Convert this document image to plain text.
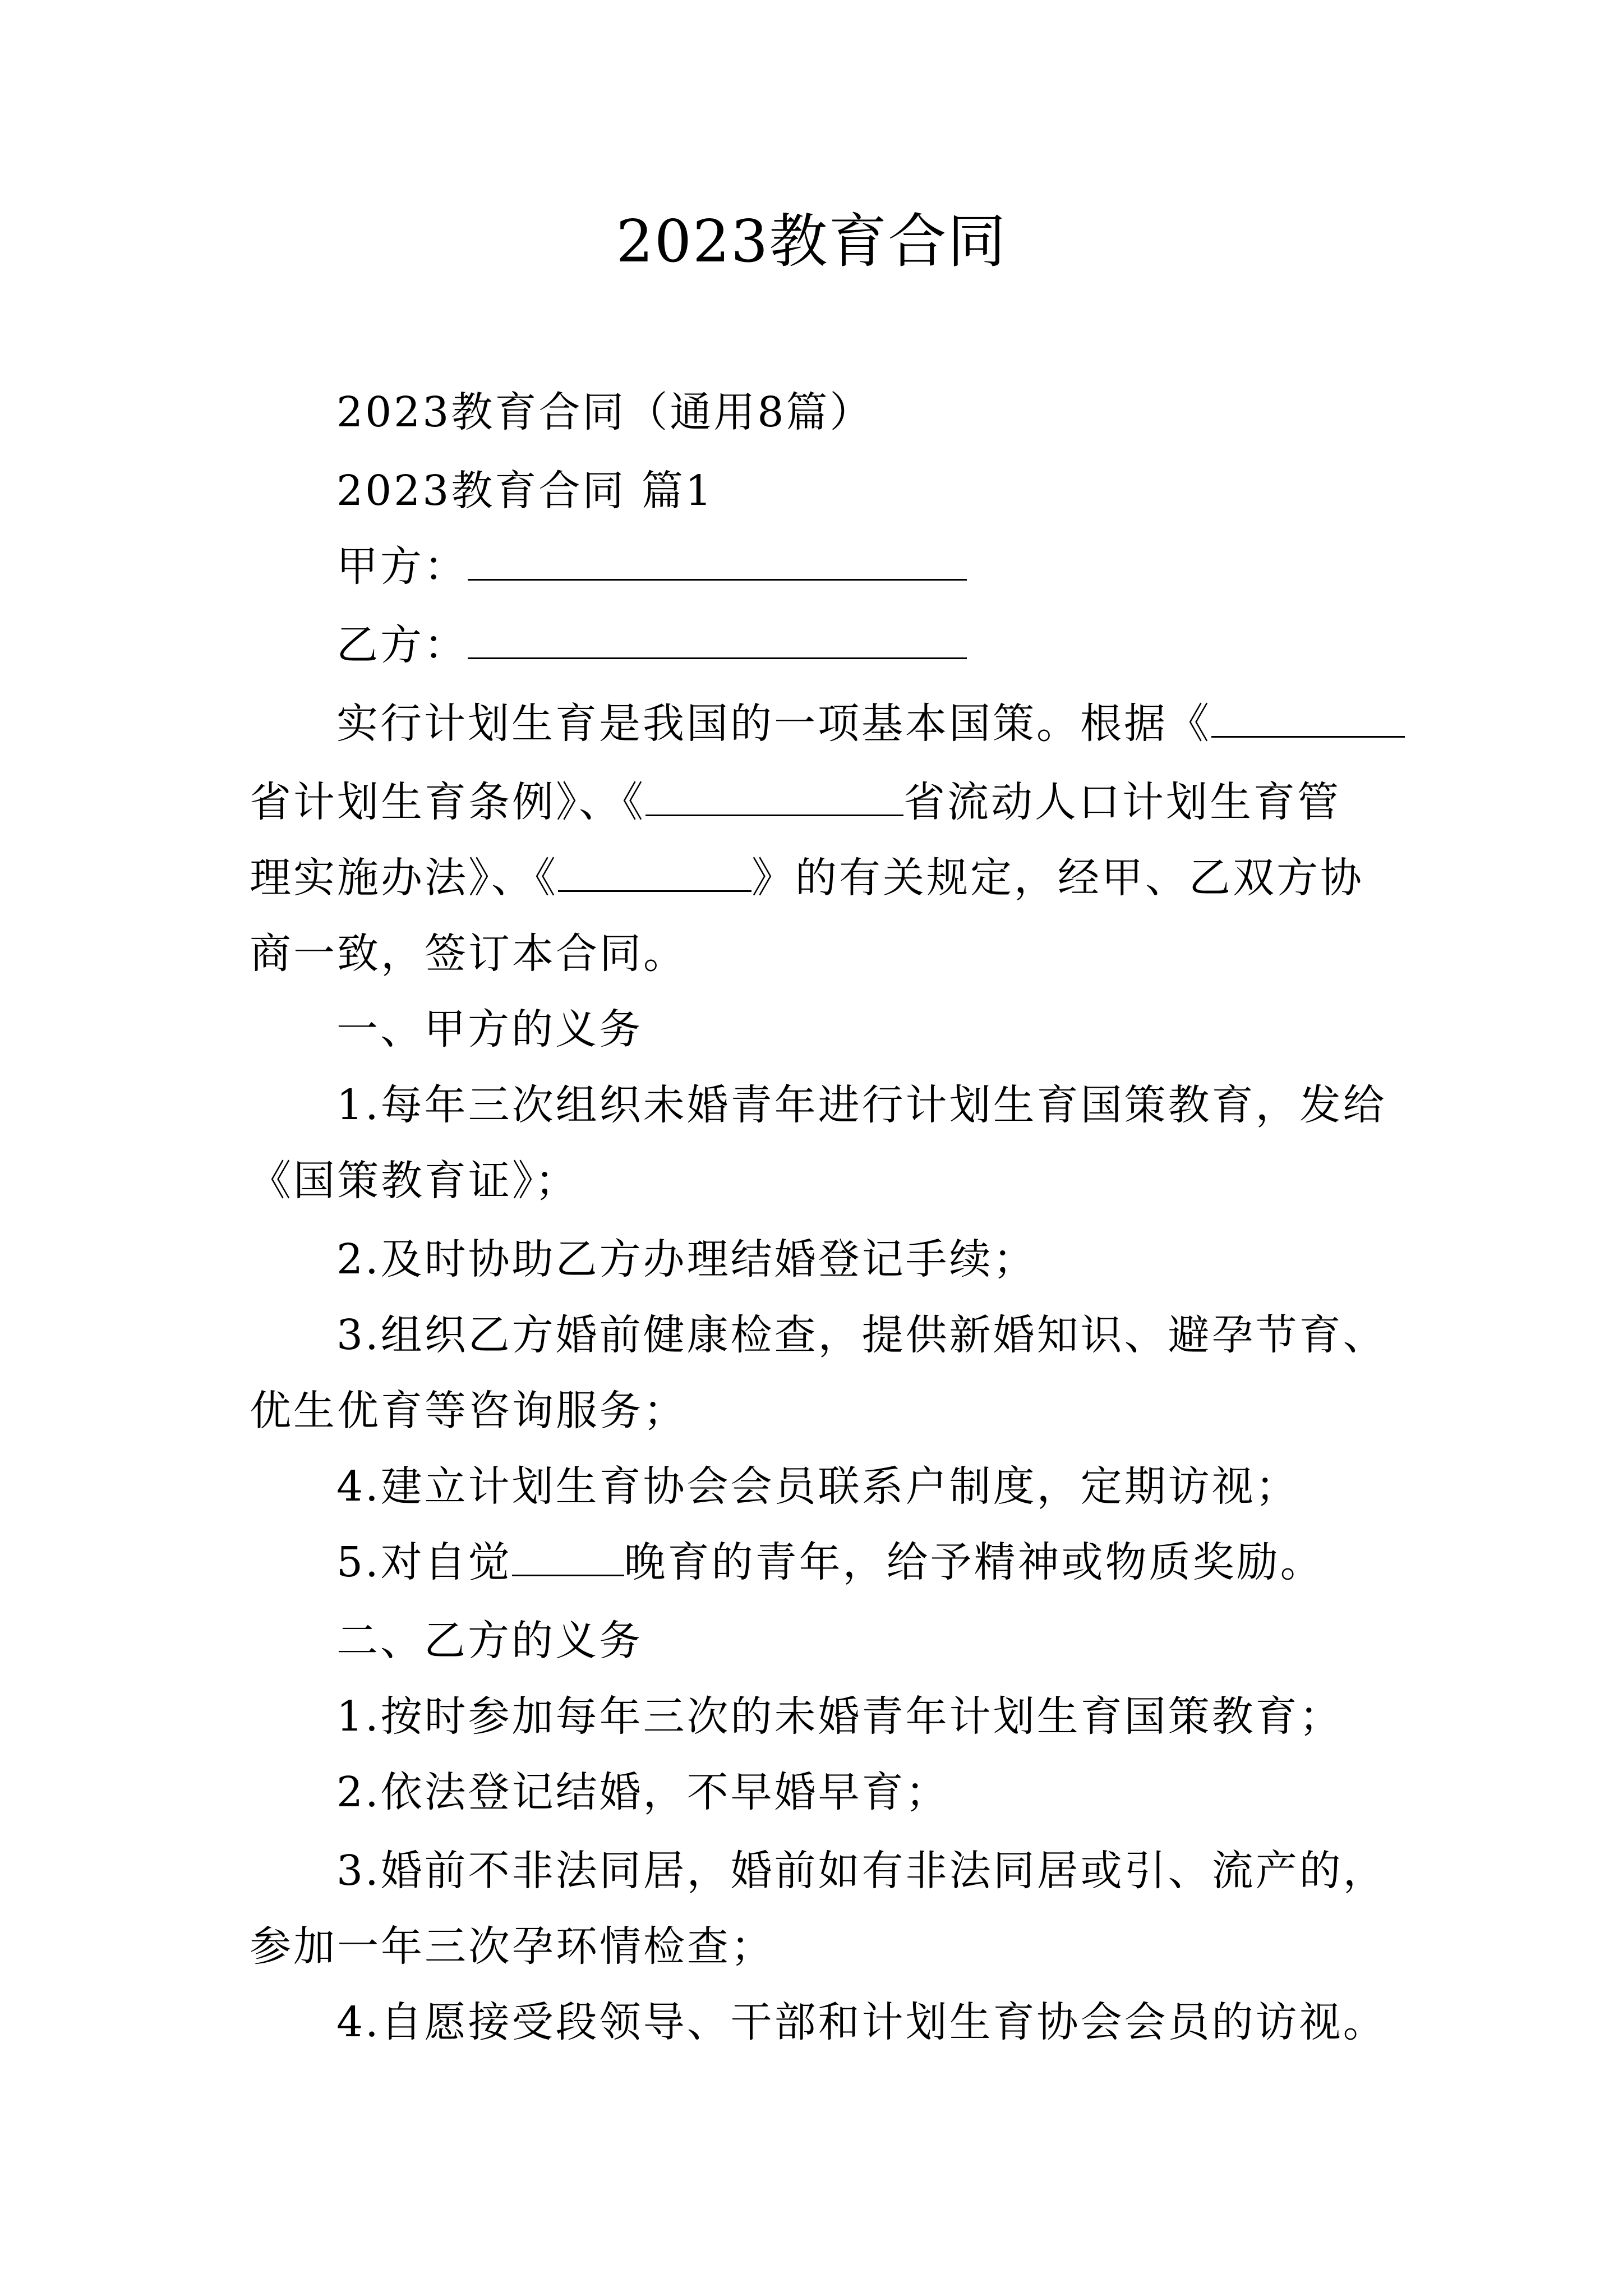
2023教育合同
2023教育合同（通用8篇）
2023教育合同 篇1
甲方：
乙方：
实行计划生育是我国的一项基本国策。根据《
省计划生育条例》、《	省流动人口计划生育管
理实施办法》、《	》的有关规定，经甲、乙双方协
商一致，签订本合同。
一、甲方的义务
1.每年三次组织未婚青年进行计划生育国策教育，发给
《国策教育证》；
2.及时协助乙方办理结婚登记手续；
3.组织乙方婚前健康检查，提供新婚知识、避孕节育、
优生优育等咨询服务；
4.建立计划生育协会会员联系户制度，定期访视；
5.对自觉	晚育的青年，给予精神或物质奖励。
二、乙方的义务
1.按时参加每年三次的未婚青年计划生育国策教育；
2.依法登记结婚，不早婚早育；
3.婚前不非法同居，婚前如有非法同居或引、流产的，
参加一年三次孕环情检查；
4.自愿接受段领导、干部和计划生育协会会员的访视。
